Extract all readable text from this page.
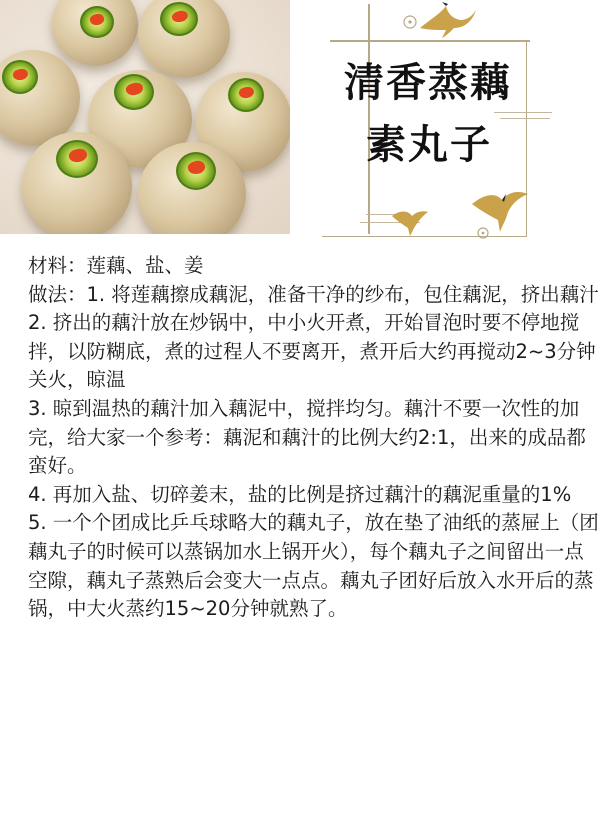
清香蒸藕
素丸子

材料：莲藕、盐、姜

做法：1. 将莲藕擦成藕泥，准备干净的纱布，包住藕泥，挤出藕汁

2. 挤出的藕汁放在炒锅中，中小火开煮，开始冒泡时要不停地搅拌，以防糊底，煮的过程人不要离开，煮开后大约再搅动2~3分钟关火，晾温

3. 晾到温热的藕汁加入藕泥中，搅拌均匀。藕汁不要一次性的加完，给大家一个参考：藕泥和藕汁的比例大约2:1，出来的成品都蛮好。

4. 再加入盐、切碎姜末，盐的比例是挤过藕汁的藕泥重量的1%

5. 一个个团成比乒乓球略大的藕丸子，放在垫了油纸的蒸屉上（团藕丸子的时候可以蒸锅加水上锅开火），每个藕丸子之间留出一点空隙，藕丸子蒸熟后会变大一点点。藕丸子团好后放入水开后的蒸锅，中大火蒸约15~20分钟就熟了。
